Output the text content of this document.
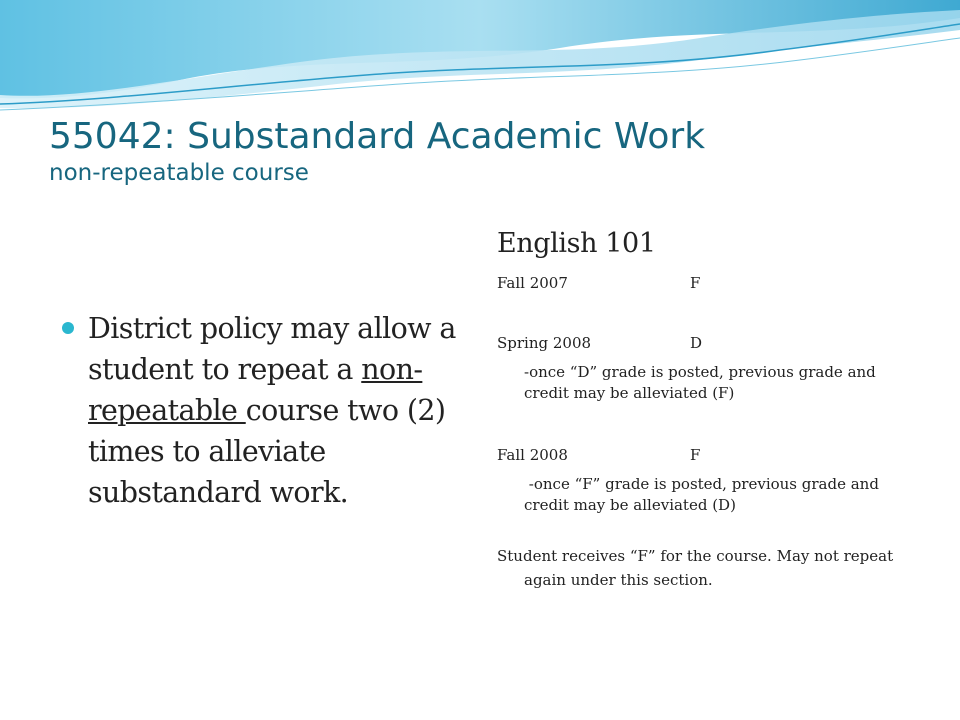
55042: Substandard Academic Work
non-repeatable course
District policy may allow a student to repeat a non- repeatable course two (2) times to alleviate substandard work.
English 101
Fall 2007	F
Spring 2008	D
-once “D” grade is posted, previous grade and credit may be alleviated (F)
Fall 2008	F
-once “F” grade is posted, previous grade and credit may be alleviated (D)
Student receives “F” for the course. May not repeat again under this section.
